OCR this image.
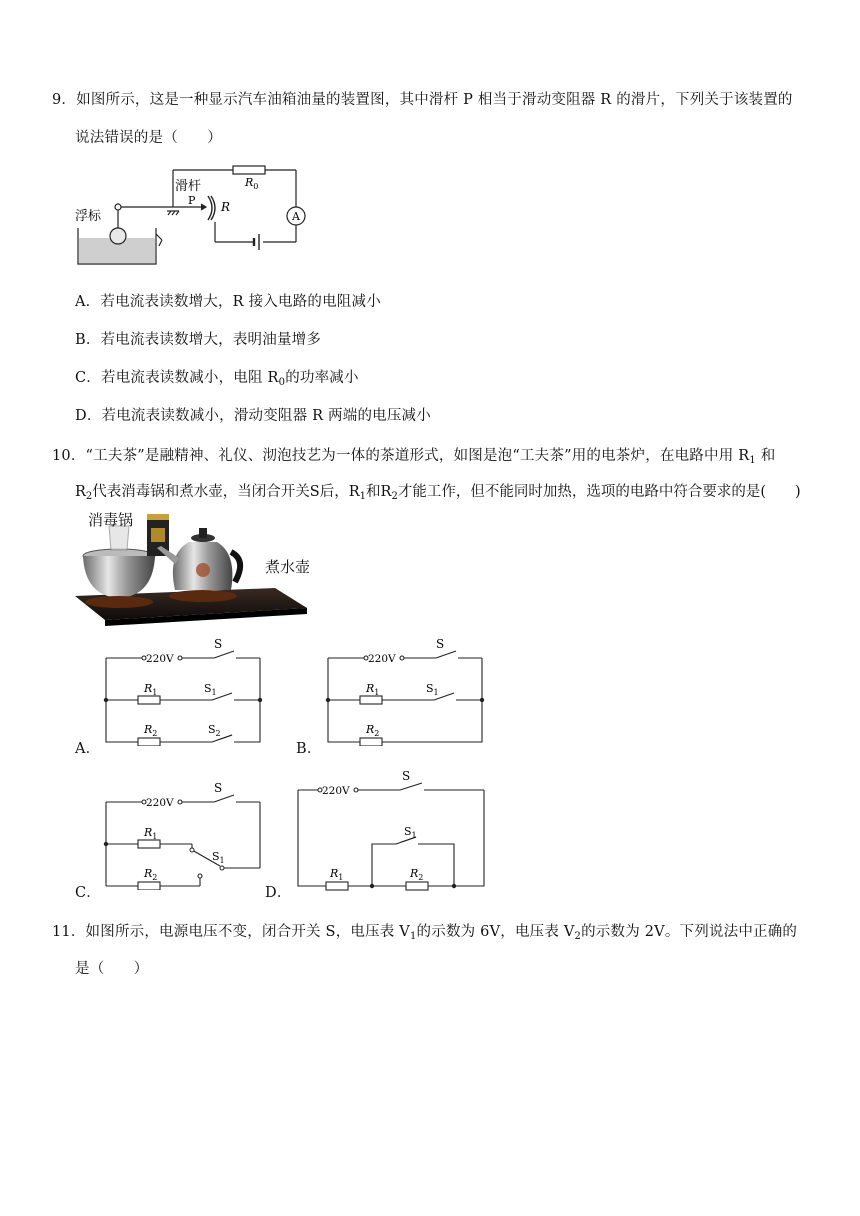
9．如图所示，这是一种显示汽车油箱油量的装置图，其中滑杆 P 相当于滑动变阻器 R 的滑片，下列关于该装置的
说法错误的是（　　）
浮标
滑杆
P R
$R_0$
A
A．若电流表读数增大，R 接入电路的电阻减小
B．若电流表读数增大，表明油量增多
C．若电流表读数减小，电阻 $R_0$的功率减小
D．若电流表读数减小，滑动变阻器 R 两端的电压减小
10．“工夫茶”是融精神、礼仪、沏泡技艺为一体的茶道形式，如图是泡“工夫茶”用的电茶炉，在电路中用 $R_1$ 和
$R_2$代表消毒锅和煮水壶，当闭合开关S后，$R_1$和$R_2$才能工作，但不能同时加热，选项的电路中符合要求的是(　　)
消毒锅
煮水壶
220V
S
$R_1$	$S_1$
$R_2$	$S_2$
A．
220V
S
$R_1$	$S_1$
$R_2$
B．
220V
S
$R_1$
$S_1$
$R_2$
C．
220V
S
$S_1$
$R_1$	$R_2$
D．
11．如图所示，电源电压不变，闭合开关 S，电压表 $V_1$的示数为 6V，电压表 $V_2$的示数为 2V。下列说法中正确的
是（　　）
